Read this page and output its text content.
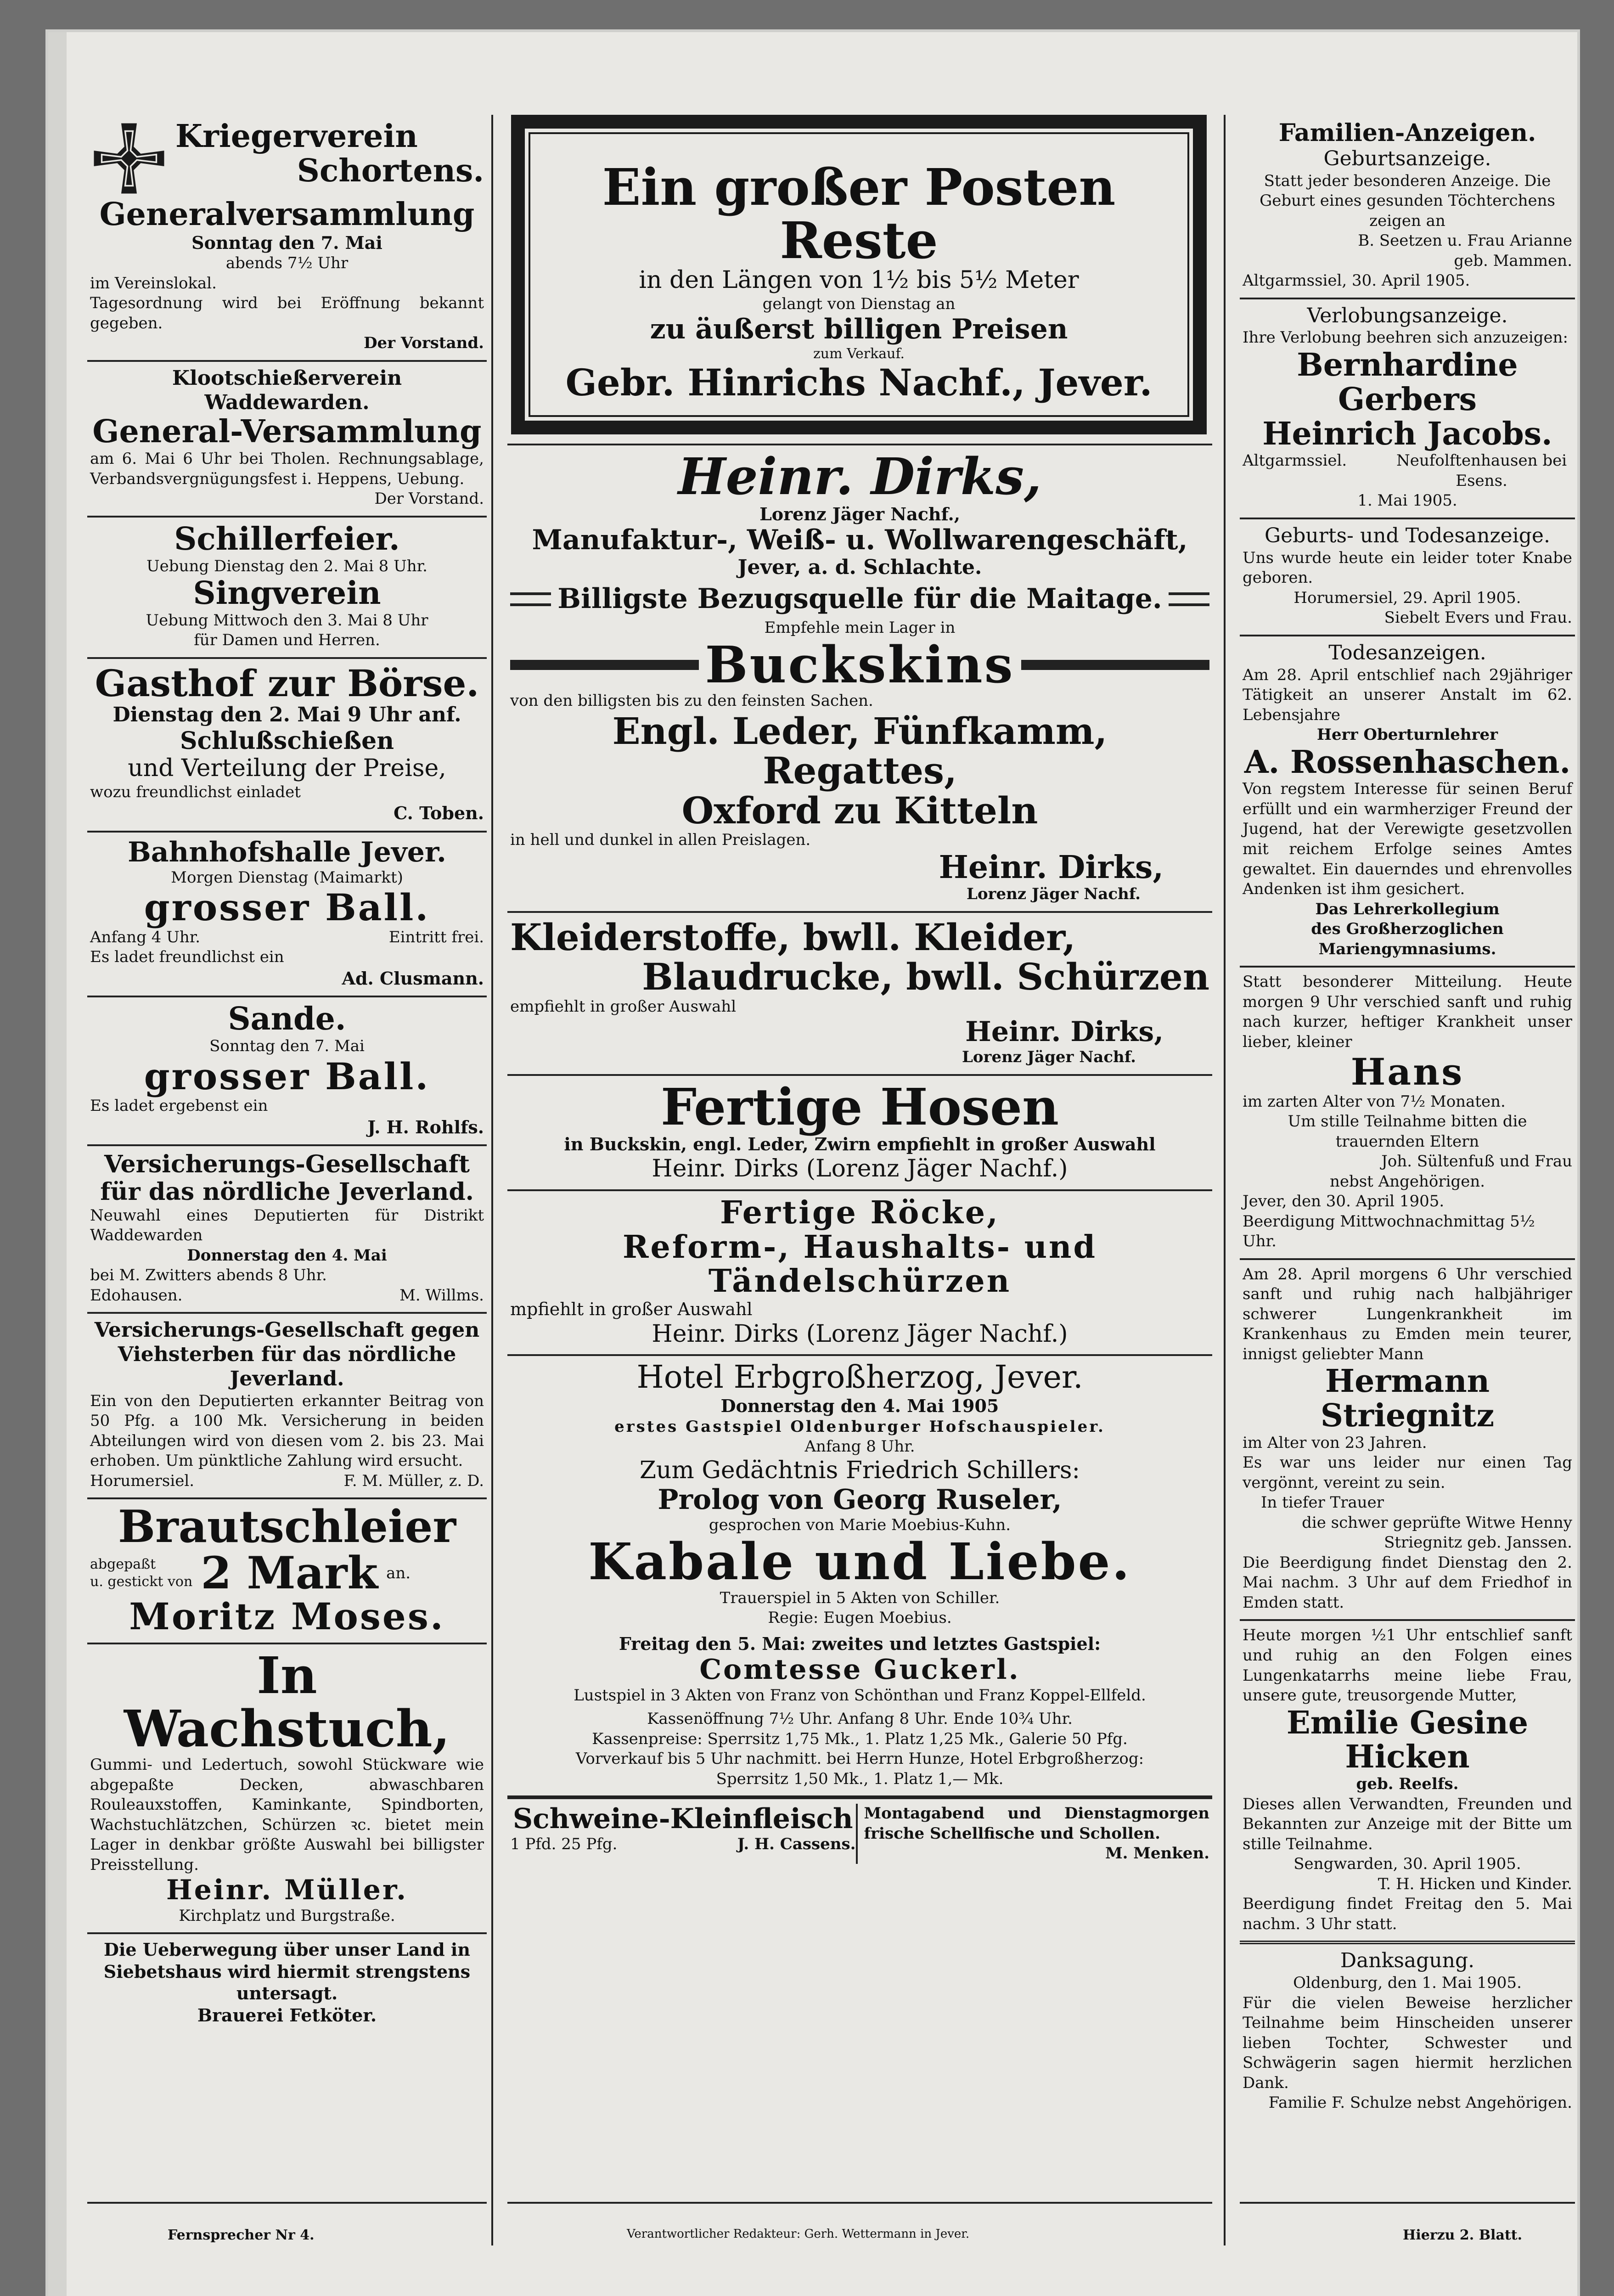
Kriegerverein
Schortens.
Generalversammlung
Sonntag den 7. Mai
abends 7½ Uhr
im Vereinslokal.
Tagesordnung wird bei Eröffnung bekannt gegeben.
Der Vorstand.
Klootschießerverein Waddewarden.
General-Versammlung
am 6. Mai 6 Uhr bei Tholen. Rechnungsablage, Verbandsvergnügungsfest i. Heppens, Uebung.
Der Vorstand.
Schillerfeier.
Uebung Dienstag den 2. Mai 8 Uhr.
Singverein
Uebung Mittwoch den 3. Mai 8 Uhr
für Damen und Herren.
Gasthof zur Börse.
Dienstag den 2. Mai 9 Uhr anf.
Schlußschießen
und Verteilung der Preise,
wozu freundlichst einladet
C. Toben.
Bahnhofshalle Jever.
Morgen Dienstag (Maimarkt)
grosser Ball.
Anfang 4 Uhr.	Eintritt frei.
Es ladet freundlichst ein
Ad. Clusmann.
Sande.
Sonntag den 7. Mai
grosser Ball.
Es ladet ergebenst ein
J. H. Rohlfs.
Versicherungs-Gesellschaft
für das nördliche Jeverland.
Neuwahl eines Deputierten für Distrikt Waddewarden
Donnerstag den 4. Mai
bei M. Zwitters abends 8 Uhr.
Edohausen.	M. Willms.
Versicherungs-Gesellschaft gegen
Viehsterben für das nördliche Jeverland.
Ein von den Deputierten erkannter Beitrag von 50 Pfg. a 100 Mk. Versicherung in beiden Abteilungen wird von diesen vom 2. bis 23. Mai erhoben. Um pünktliche Zahlung wird ersucht.
Horumersiel.	F. M. Müller, z. D.
Brautschleier
abgepaßt
u. gestickt von 2 Mark an.
Moritz Moses.
In Wachstuch,
Gummi- und Ledertuch, sowohl Stückware wie abgepaßte Decken, abwaschbaren Rouleauxstoffen, Kaminkante, Spindborten, Wachstuchlätzchen, Schürzen ꝛc. bietet mein Lager in denkbar größte Auswahl bei billigster Preisstellung.
Heinr. Müller.
Kirchplatz und Burgstraße.
Die Ueberwegung über unser Land in Siebetshaus wird hiermit strengstens untersagt.
Brauerei Fetköter.
Ein großer Posten Reste
in den Längen von 1½ bis 5½ Meter
gelangt von Dienstag an
zu äußerst billigen Preisen
zum Verkauf.
Gebr. Hinrichs Nachf., Jever.
Heinr. Dirks,
Lorenz Jäger Nachf.,
Manufaktur-, Weiß- u. Wollwarengeschäft,
Jever, a. d. Schlachte.
Billigste Bezugsquelle für die Maitage.
Empfehle mein Lager in
Buckskins
von den billigsten bis zu den feinsten Sachen.
Engl. Leder, Fünfkamm, Regattes,
Oxford zu Kitteln
in hell und dunkel in allen Preislagen.
Heinr. Dirks,
Lorenz Jäger Nachf.
Kleiderstoffe, bwll. Kleider,
Blaudrucke, bwll. Schürzen
empfiehlt in großer Auswahl
Heinr. Dirks,
Lorenz Jäger Nachf.
Fertige Hosen
in Buckskin, engl. Leder, Zwirn empfiehlt in großer Auswahl
Heinr. Dirks (Lorenz Jäger Nachf.)
Fertige Röcke,
Reform-, Haushalts- und
Tändelschürzen
mpfiehlt in großer Auswahl
Heinr. Dirks (Lorenz Jäger Nachf.)
Hotel Erbgroßherzog, Jever.
Donnerstag den 4. Mai 1905
erstes Gastspiel Oldenburger Hofschauspieler.
Anfang 8 Uhr.
Zum Gedächtnis Friedrich Schillers:
Prolog von Georg Ruseler,
gesprochen von Marie Moebius-Kuhn.
Kabale und Liebe.
Trauerspiel in 5 Akten von Schiller.
Regie: Eugen Moebius.
Freitag den 5. Mai: zweites und letztes Gastspiel:
Comtesse Guckerl.
Lustspiel in 3 Akten von Franz von Schönthan und Franz Koppel-Ellfeld.
Kassenöffnung 7½ Uhr. Anfang 8 Uhr. Ende 10¾ Uhr.
Kassenpreise: Sperrsitz 1,75 Mk., 1. Platz 1,25 Mk., Galerie 50 Pfg.
Vorverkauf bis 5 Uhr nachmitt. bei Herrn Hunze, Hotel Erbgroßherzog:
Sperrsitz 1,50 Mk., 1. Platz 1,— Mk.
Schweine-Kleinfleisch
1 Pfd. 25 Pfg.	J. H. Cassens.
Montagabend und Dienstagmorgen frische Schellfische und Schollen.
M. Menken.
Familien-Anzeigen.
Geburtsanzeige.
Statt jeder besonderen Anzeige. Die Geburt eines gesunden Töchterchens zeigen an
B. Seetzen u. Frau Arianne
geb. Mammen.
Altgarmssiel, 30. April 1905.
Verlobungsanzeige.
Ihre Verlobung beehren sich anzuzeigen:
Bernhardine Gerbers
Heinrich Jacobs.
Altgarmssiel.	Neufolftenhausen bei Esens.
1. Mai 1905.
Geburts- und Todesanzeige.
Uns wurde heute ein leider toter Knabe geboren.
Horumersiel, 29. April 1905.
Siebelt Evers und Frau.
Todesanzeigen.
Am 28. April entschlief nach 29jähriger Tätigkeit an unserer Anstalt im 62. Lebensjahre
Herr Oberturnlehrer
A. Rossenhaschen.
Von regstem Interesse für seinen Beruf erfüllt und ein warmherziger Freund der Jugend, hat der Verewigte gesetzvollen mit reichem Erfolge seines Amtes gewaltet. Ein dauerndes und ehrenvolles Andenken ist ihm gesichert.
Das Lehrerkollegium
des Großherzoglichen Mariengymnasiums.
Statt besonderer Mitteilung. Heute morgen 9 Uhr verschied sanft und ruhig nach kurzer, heftiger Krankheit unser lieber, kleiner
Hans
im zarten Alter von 7½ Monaten.
Um stille Teilnahme bitten die trauernden Eltern
Joh. Sültenfuß und Frau
nebst Angehörigen.
Jever, den 30. April 1905.
Beerdigung Mittwochnachmittag 5½ Uhr.
Am 28. April morgens 6 Uhr verschied sanft und ruhig nach halbjähriger schwerer Lungenkrankheit im Krankenhaus zu Emden mein teurer, innigst geliebter Mann
Hermann Striegnitz
im Alter von 23 Jahren.
Es war uns leider nur einen Tag vergönnt, vereint zu sein.
In tiefer Trauer
die schwer geprüfte Witwe Henny Striegnitz geb. Janssen.
Die Beerdigung findet Dienstag den 2. Mai nachm. 3 Uhr auf dem Friedhof in Emden statt.
Heute morgen ½1 Uhr entschlief sanft und ruhig an den Folgen eines Lungenkatarrhs meine liebe Frau, unsere gute, treusorgende Mutter,
Emilie Gesine Hicken
geb. Reelfs.
Dieses allen Verwandten, Freunden und Bekannten zur Anzeige mit der Bitte um stille Teilnahme.
Sengwarden, 30. April 1905.
T. H. Hicken und Kinder.
Beerdigung findet Freitag den 5. Mai nachm. 3 Uhr statt.
Danksagung.
Oldenburg, den 1. Mai 1905.
Für die vielen Beweise herzlicher Teilnahme beim Hinscheiden unserer lieben Tochter, Schwester und Schwägerin sagen hiermit herzlichen Dank.
Familie F. Schulze nebst Angehörigen.
Fernsprecher Nr 4.	Verantwortlicher Redakteur: Gerh. Wettermann in Jever.	Hierzu 2. Blatt.
